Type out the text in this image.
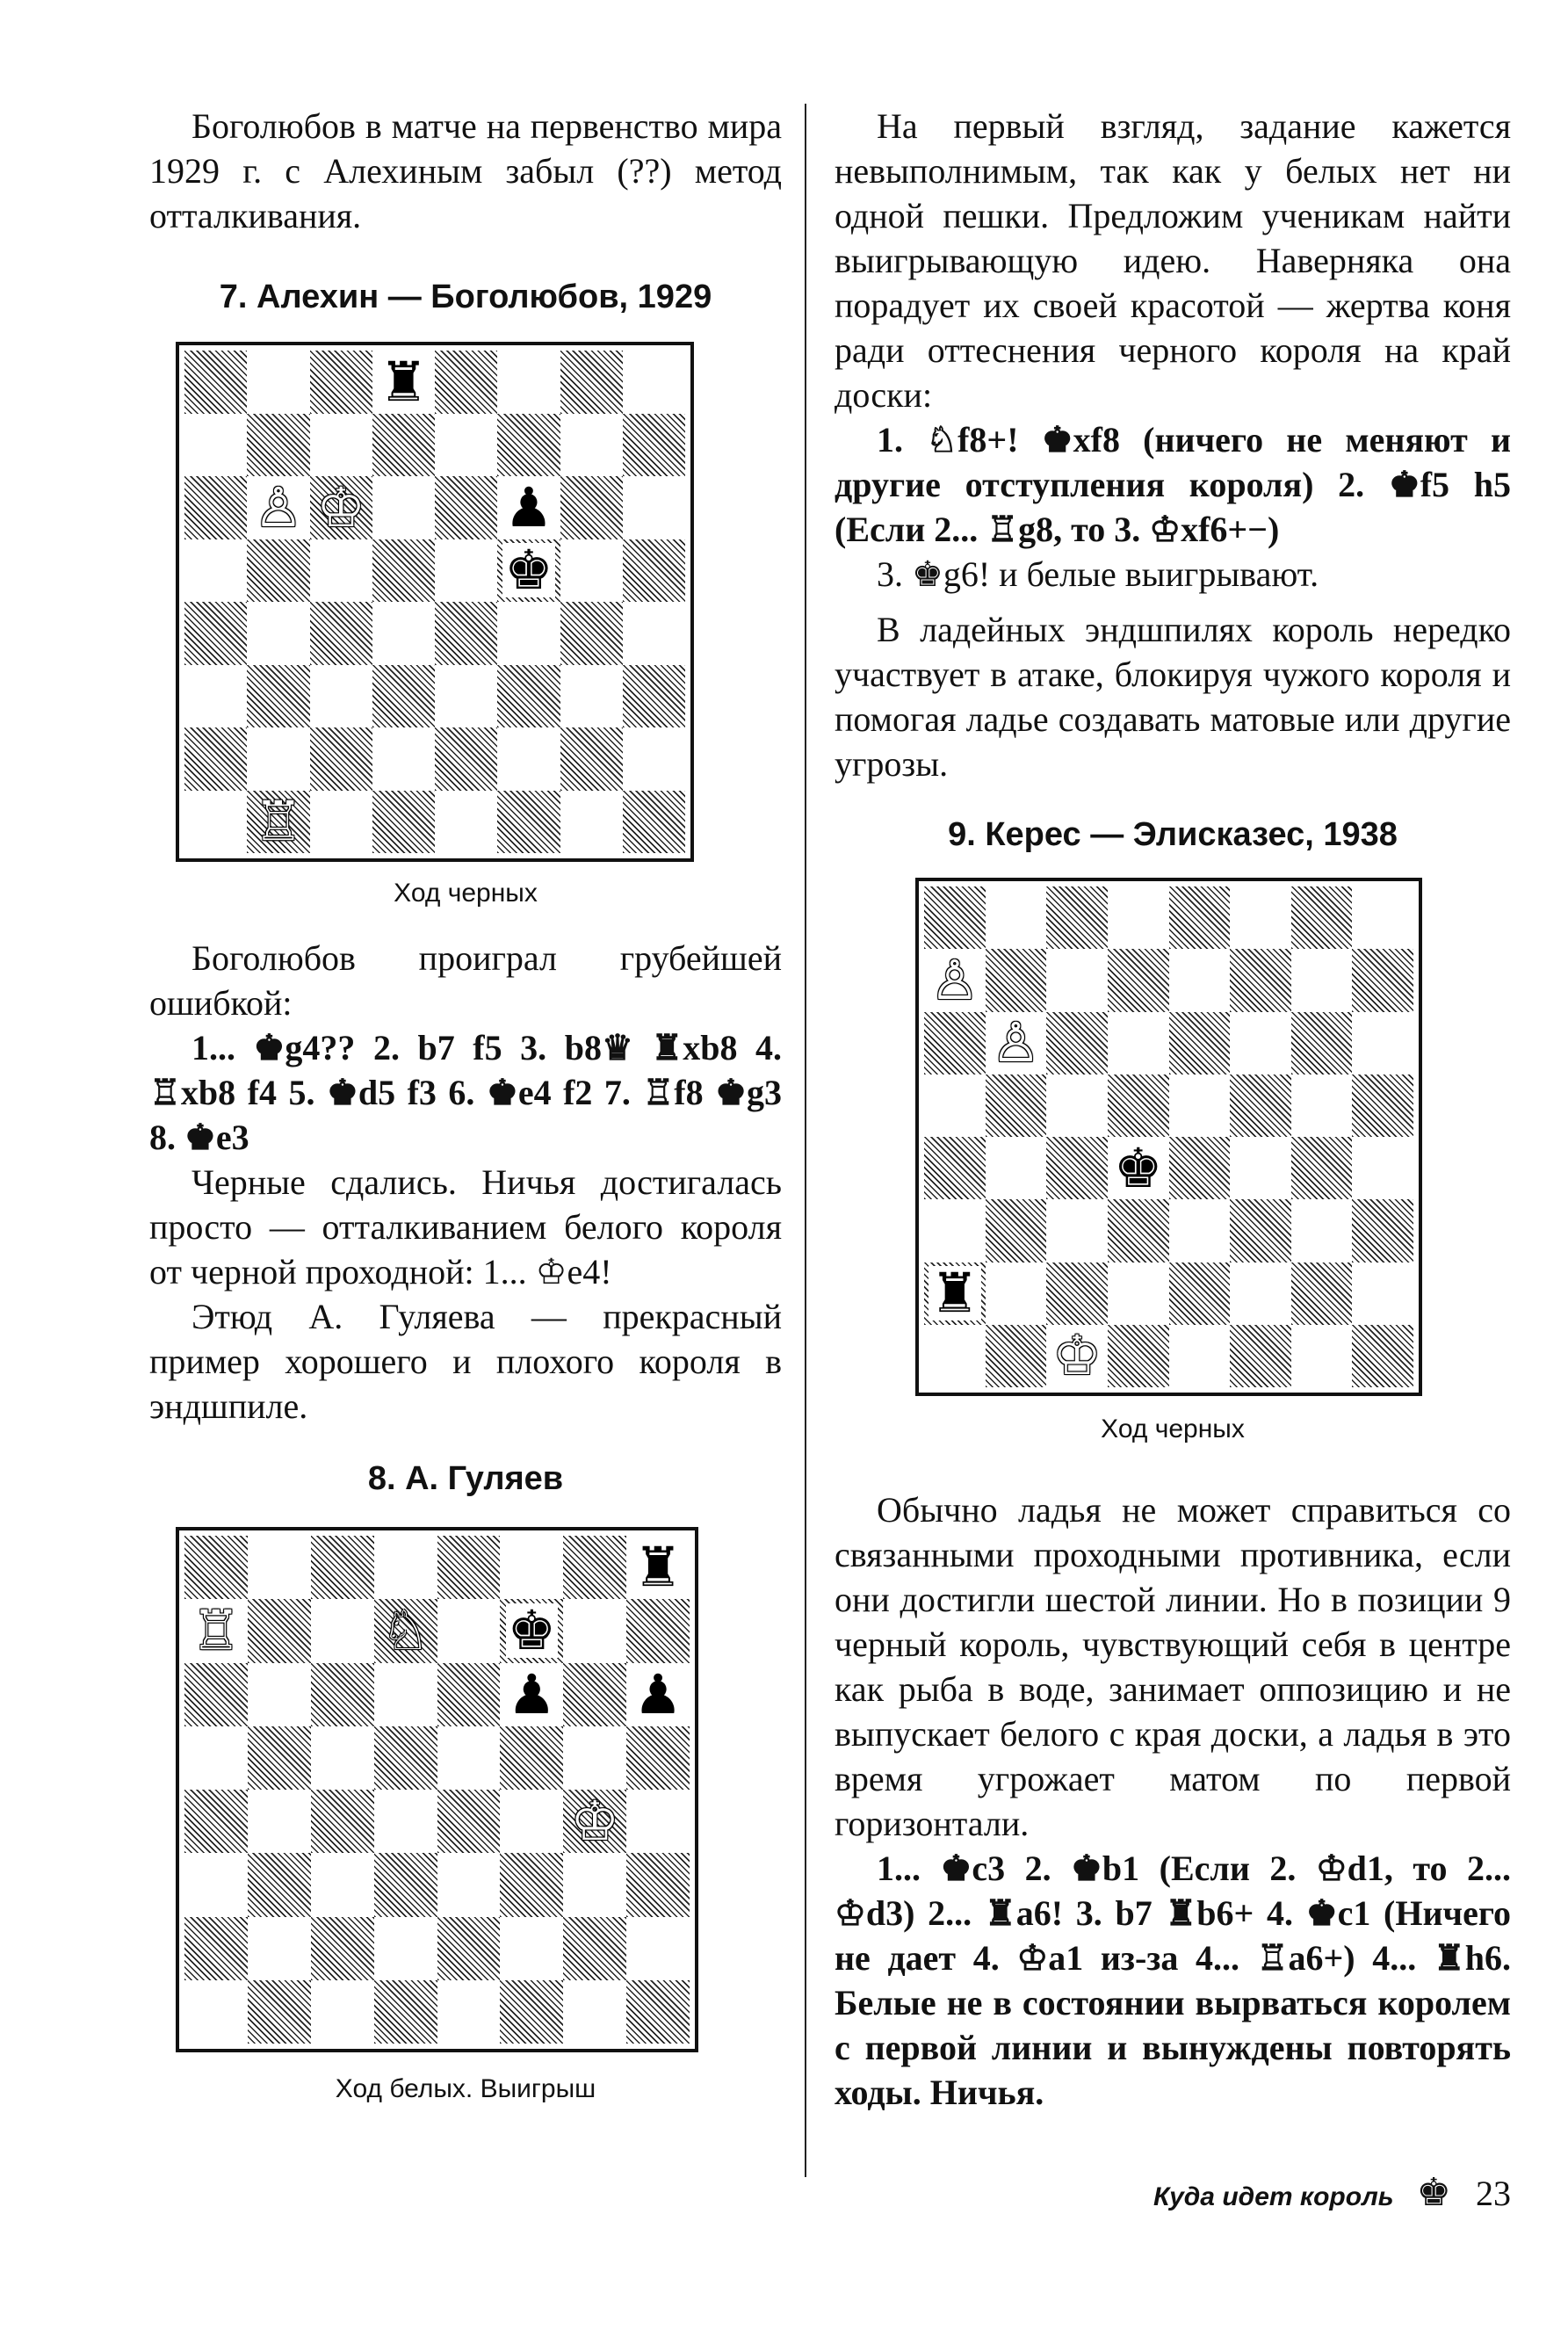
Боголюбов в матче на первенство мира 1929 г. с Алехиным забыл (??) метод отталкивания.

7. Алехин — Боголюбов, 1929

♜
♙ ♔	♟
♚
♖

Ход черных

Боголюбов проиграл грубейшей ошибкой:

1... ♚g4?? 2. b7 f5 3. b8♛ ♜xb8 4. ♖xb8 f4 5. ♚d5 f3 6. ♚e4 f2 7. ♖f8 ♚g3 8. ♚e3

Черные сдались. Ничья достигалась просто — отталкиванием белого короля от черной проходной: 1... ♔e4!

Этюд А. Гуляева — прекрасный пример хорошего и плохого короля в эндшпиле.

8. А. Гуляев

♜
♖	♘ ♚
♟ ♟
♔

Ход белых. Выигрыш

На первый взгляд, задание кажется невыполнимым, так как у белых нет ни одной пешки. Предложим ученикам найти выигрывающую идею. Наверняка она порадует их своей красотой — жертва коня ради оттеснения черного короля на край доски:

1. ♘f8+! ♚xf8 (ничего не меняют и другие отступления короля) 2. ♚f5 h5 (Если 2... ♖g8, то 3. ♔xf6+−)

3. ♚g6! и белые выигрывают.

В ладейных эндшпилях король нередко участвует в атаке, блокируя чужого короля и помогая ладье создавать матовые или другие угрозы.

9. Керес — Элисказес, 1938

♙
♙
♚
♜
♔

Ход черных

Обычно ладья не может справиться со связанными проходными противника, если они достигли шестой линии. Но в позиции 9 черный король, чувствующий себя в центре как рыба в воде, занимает оппозицию и не выпускает белого с края доски, а ладья в это время угрожает матом по первой горизонтали.

1... ♚c3 2. ♚b1 (Если 2. ♔d1, то 2... ♔d3) 2... ♜a6! 3. b7 ♜b6+ 4. ♚c1 (Ничего не дает 4. ♔a1 из-за 4... ♖a6+) 4... ♜h6. Белые не в состоянии вырваться королем с первой линии и вынуждены повторять ходы. Ничья.

Куда идет король ♚ 23
